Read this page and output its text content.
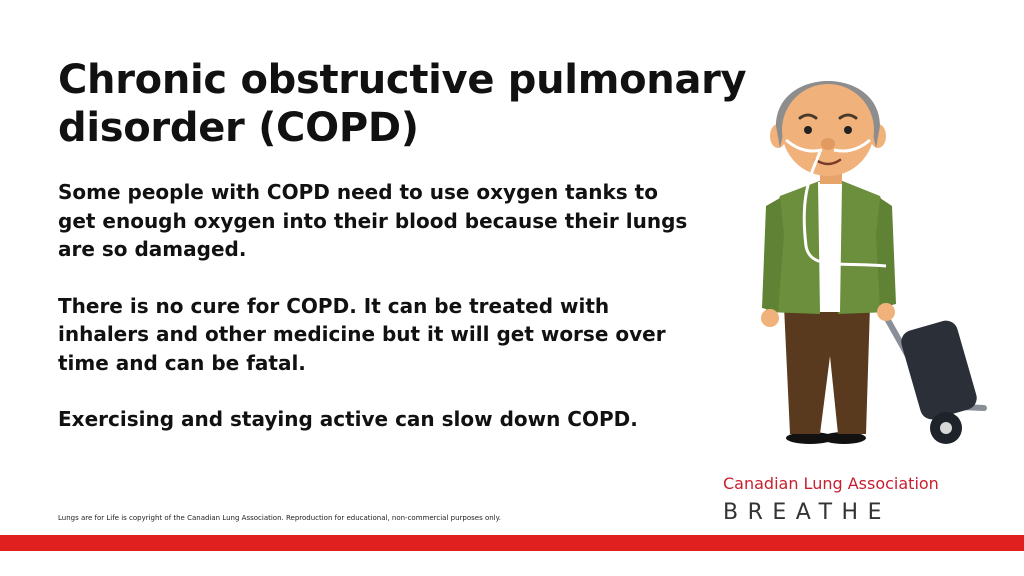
Chronic obstructive pulmonary disorder (COPD)

Some people with COPD need to use oxygen tanks to get enough oxygen into their blood because their lungs are so damaged.

There is no cure for COPD. It can be treated with inhalers and other medicine but it will get worse over time and can be fatal.

Exercising and staying active can slow down COPD.

Lungs are for Life is copyright of the Canadian Lung Association. Reproduction for educational, non-commercial purposes only.
Canadian Lung Association
BREATHE
